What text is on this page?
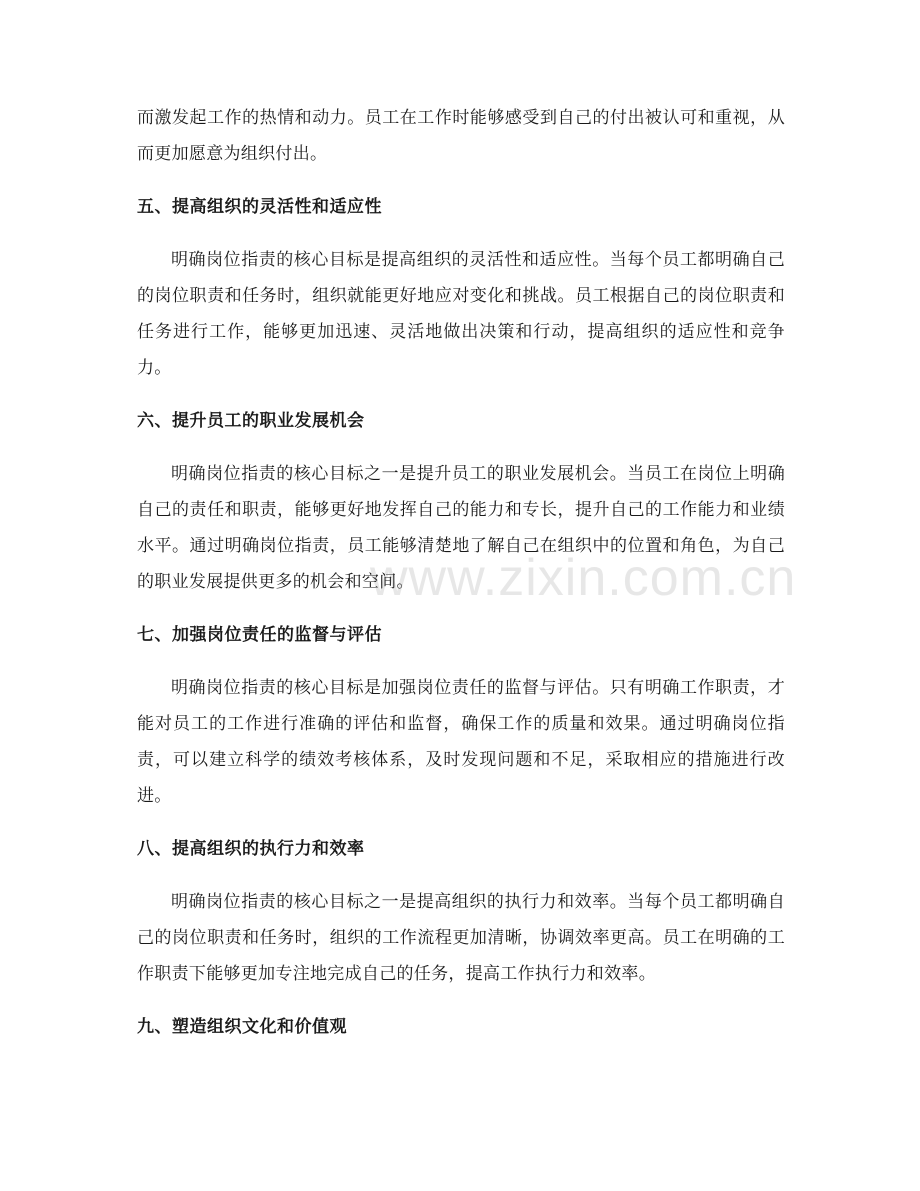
而激发起工作的热情和动力。员工在工作时能够感受到自己的付出被认可和重视，从而更加愿意为组织付出。

五、提高组织的灵活性和适应性

明确岗位指责的核心目标是提高组织的灵活性和适应性。当每个员工都明确自己的岗位职责和任务时，组织就能更好地应对变化和挑战。员工根据自己的岗位职责和任务进行工作，能够更加迅速、灵活地做出决策和行动，提高组织的适应性和竞争力。

六、提升员工的职业发展机会

明确岗位指责的核心目标之一是提升员工的职业发展机会。当员工在岗位上明确自己的责任和职责，能够更好地发挥自己的能力和专长，提升自己的工作能力和业绩水平。通过明确岗位指责，员工能够清楚地了解自己在组织中的位置和角色，为自己的职业发展提供更多的机会和空间。

七、加强岗位责任的监督与评估

明确岗位指责的核心目标是加强岗位责任的监督与评估。只有明确工作职责，才能对员工的工作进行准确的评估和监督，确保工作的质量和效果。通过明确岗位指责，可以建立科学的绩效考核体系，及时发现问题和不足，采取相应的措施进行改进。

八、提高组织的执行力和效率

明确岗位指责的核心目标之一是提高组织的执行力和效率。当每个员工都明确自己的岗位职责和任务时，组织的工作流程更加清晰，协调效率更高。员工在明确的工作职责下能够更加专注地完成自己的任务，提高工作执行力和效率。

九、塑造组织文化和价值观
www.zixin.com.cn
